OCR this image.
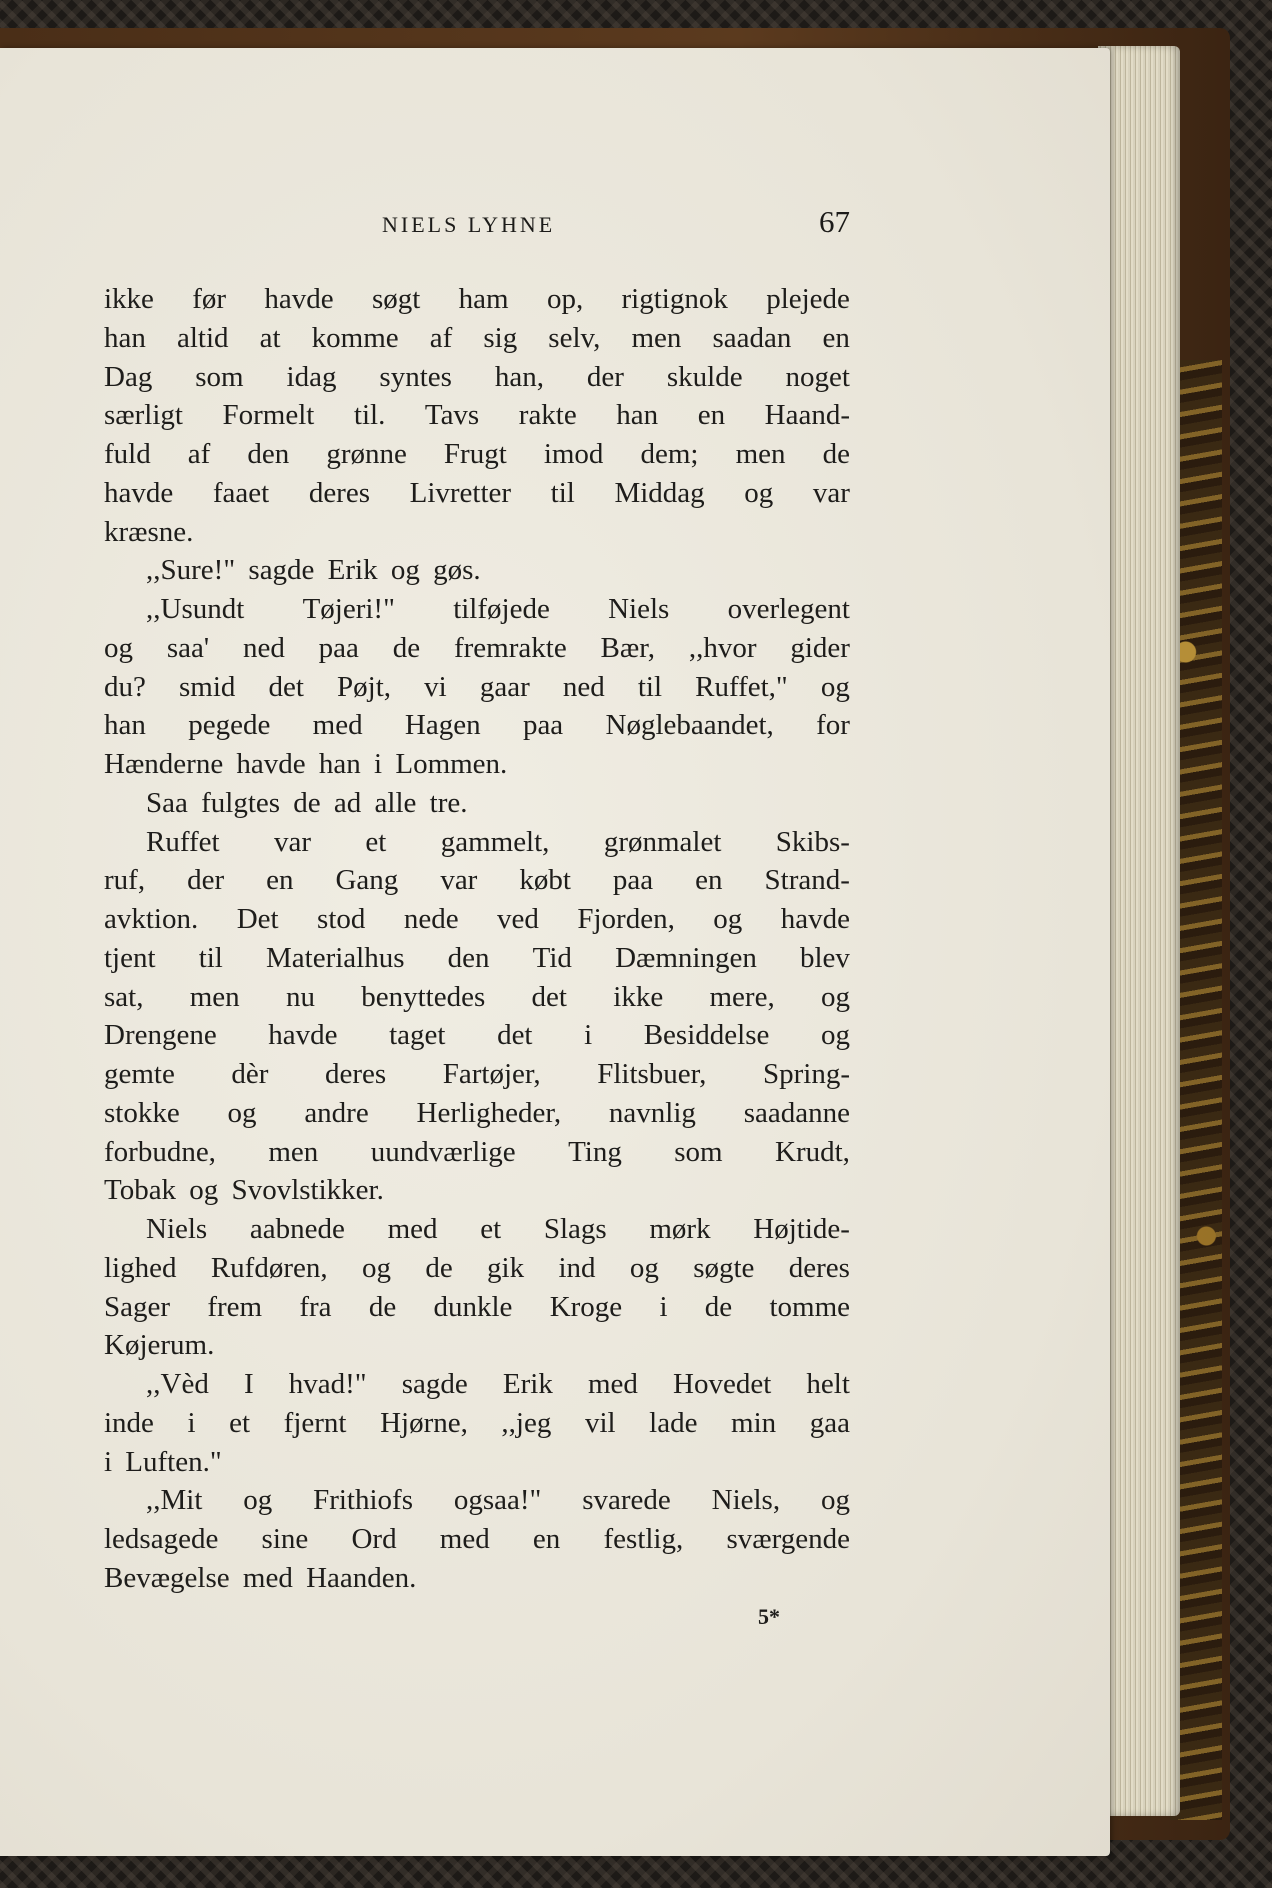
NIELS LYHNE	67
ikke før havde søgt ham op, rigtignok plejede
han altid at komme af sig selv, men saadan en
Dag som idag syntes han, der skulde noget
særligt Formelt til. Tavs rakte han en Haand-
fuld af den grønne Frugt imod dem; men de
havde faaet deres Livretter til Middag og var
kræsne.
,,Sure!" sagde Erik og gøs.
,,Usundt Tøjeri!" tilføjede Niels overlegent
og saa' ned paa de fremrakte Bær, ,,hvor gider
du? smid det Pøjt, vi gaar ned til Ruffet," og
han pegede med Hagen paa Nøglebaandet, for
Hænderne havde han i Lommen.
Saa fulgtes de ad alle tre.
Ruffet var et gammelt, grønmalet Skibs-
ruf, der en Gang var købt paa en Strand-
avktion. Det stod nede ved Fjorden, og havde
tjent til Materialhus den Tid Dæmningen blev
sat, men nu benyttedes det ikke mere, og
Drengene havde taget det i Besiddelse og
gemte dèr deres Fartøjer, Flitsbuer, Spring-
stokke og andre Herligheder, navnlig saadanne
forbudne, men uundværlige Ting som Krudt,
Tobak og Svovlstikker.
Niels aabnede med et Slags mørk Højtide-
lighed Rufdøren, og de gik ind og søgte deres
Sager frem fra de dunkle Kroge i de tomme
Køjerum.
,,Vèd I hvad!" sagde Erik med Hovedet helt
inde i et fjernt Hjørne, ,,jeg vil lade min gaa
i Luften."
,,Mit og Frithiofs ogsaa!" svarede Niels, og
ledsagede sine Ord med en festlig, sværgende
Bevægelse med Haanden.
5*
